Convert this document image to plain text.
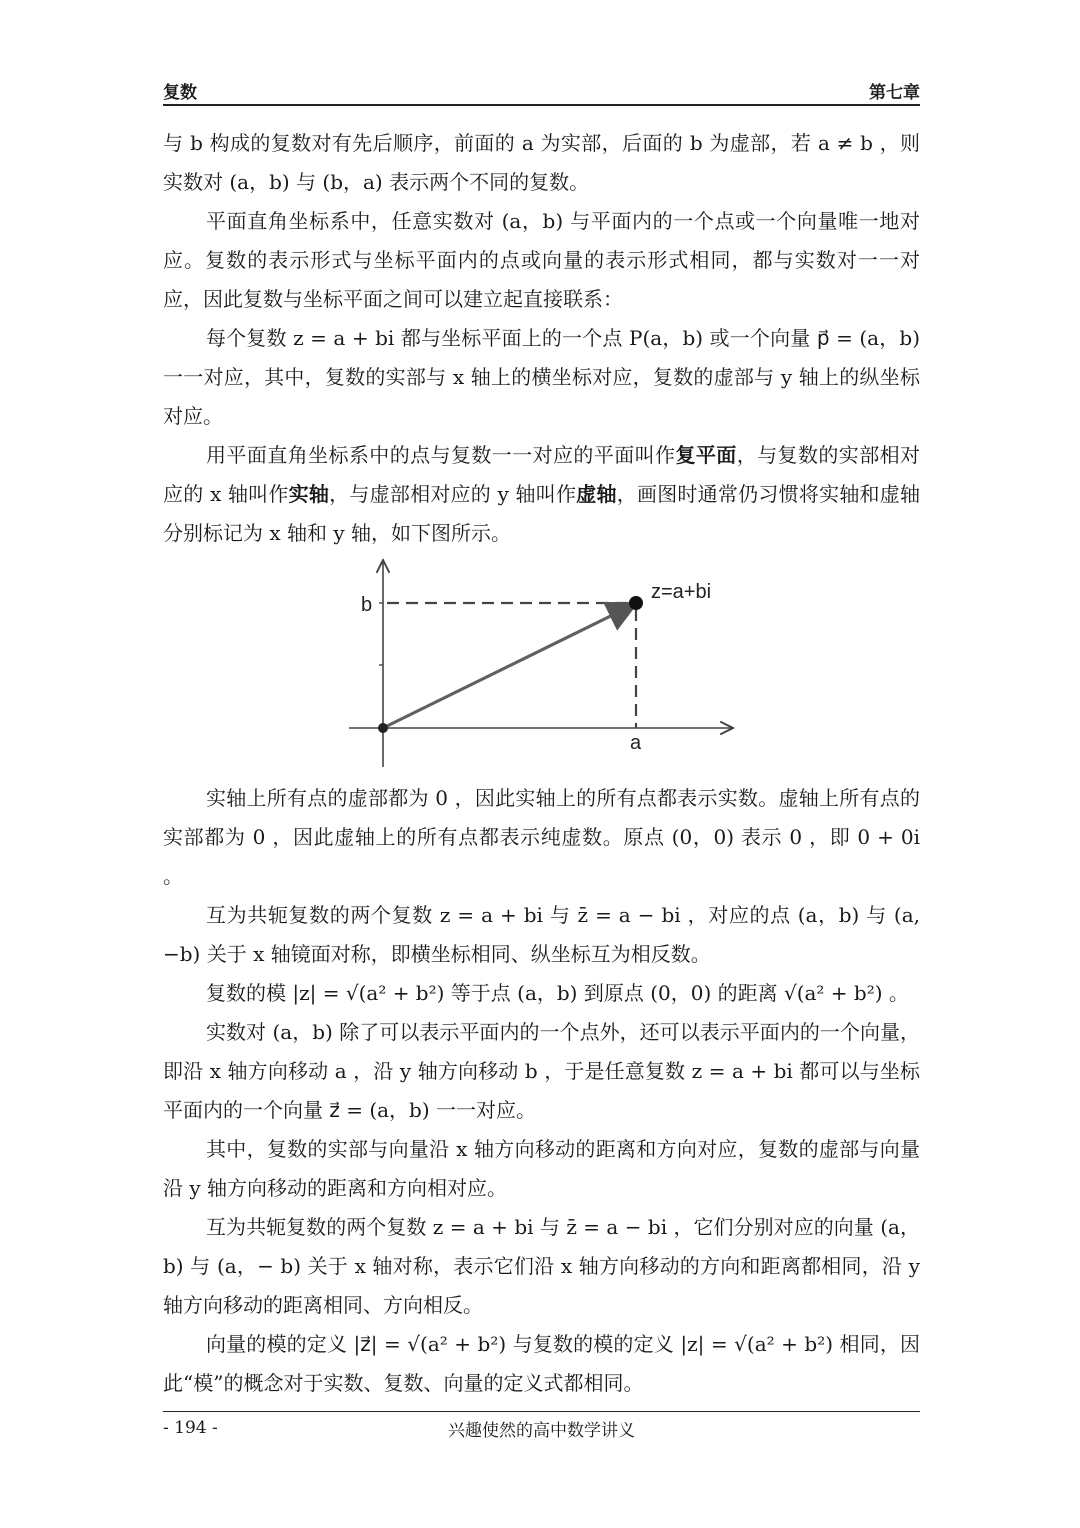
复数	第七章

与 b 构成的复数对有先后顺序，前面的 a 为实部，后面的 b 为虚部，若 a ≠ b ，则实数对 (a，b) 与 (b，a) 表示两个不同的复数。

平面直角坐标系中，任意实数对 (a，b) 与平面内的一个点或一个向量唯一地对应。复数的表示形式与坐标平面内的点或向量的表示形式相同，都与实数对一一对应，因此复数与坐标平面之间可以建立起直接联系：

每个复数 z = a + bi 都与坐标平面上的一个点 P(a，b) 或一个向量 p⃗ = (a，b) 一一对应，其中，复数的实部与 x 轴上的横坐标对应，复数的虚部与 y 轴上的纵坐标对应。

用平面直角坐标系中的点与复数一一对应的平面叫作复平面，与复数的实部相对应的 x 轴叫作实轴，与虚部相对应的 y 轴叫作虚轴，画图时通常仍习惯将实轴和虚轴分别标记为 x 轴和 y 轴，如下图所示。

z=a+bi
b
a

实轴上所有点的虚部都为 0 ，因此实轴上的所有点都表示实数。虚轴上所有点的实部都为 0 ，因此虚轴上的所有点都表示纯虚数。原点 (0，0) 表示 0 ，即 0 + 0i 。

互为共轭复数的两个复数 z = a + bi 与 z̄ = a − bi ，对应的点 (a，b) 与 (a,−b) 关于 x 轴镜面对称，即横坐标相同、纵坐标互为相反数。

复数的模 |z| = √(a² + b²) 等于点 (a，b) 到原点 (0，0) 的距离 √(a² + b²) 。

实数对 (a，b) 除了可以表示平面内的一个点外，还可以表示平面内的一个向量，即沿 x 轴方向移动 a ，沿 y 轴方向移动 b ，于是任意复数 z = a + bi 都可以与坐标平面内的一个向量 z⃗ = (a，b) 一一对应。

其中，复数的实部与向量沿 x 轴方向移动的距离和方向对应，复数的虚部与向量沿 y 轴方向移动的距离和方向相对应。

互为共轭复数的两个复数 z = a + bi 与 z̄ = a − bi ，它们分别对应的向量 (a，b) 与 (a，− b) 关于 x 轴对称，表示它们沿 x 轴方向移动的方向和距离都相同，沿 y 轴方向移动的距离相同、方向相反。

向量的模的定义 |z⃗| = √(a² + b²) 与复数的模的定义 |z| = √(a² + b²) 相同，因此“模”的概念对于实数、复数、向量的定义式都相同。

- 194 -	兴趣使然的高中数学讲义
